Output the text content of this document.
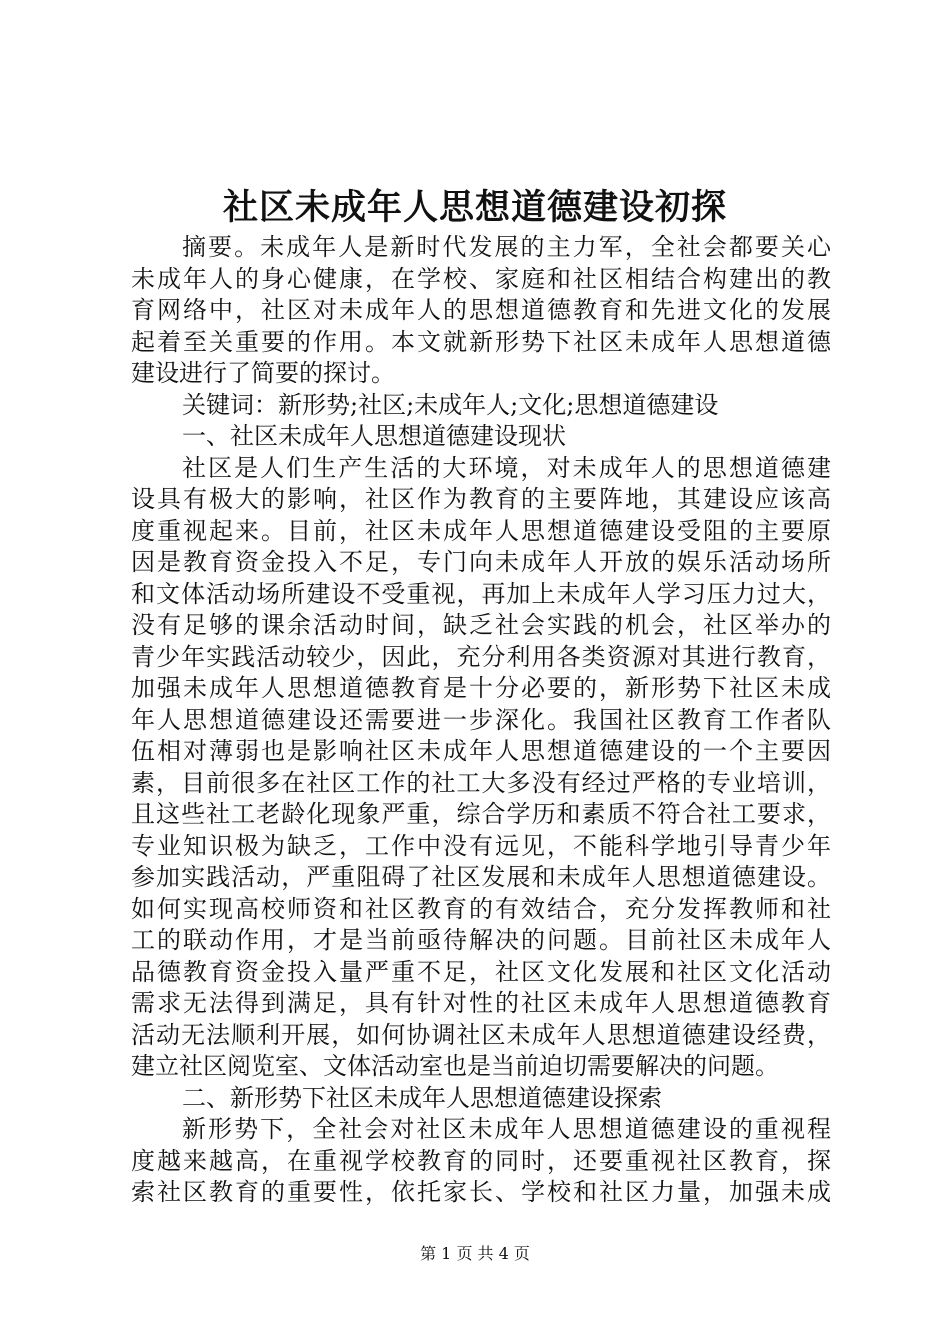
社区未成年人思想道德建设初探
摘要。未成年人是新时代发展的主力军，全社会都要关心
未成年人的身心健康，在学校、家庭和社区相结合构建出的教
育网络中，社区对未成年人的思想道德教育和先进文化的发展
起着至关重要的作用。本文就新形势下社区未成年人思想道德
建设进行了简要的探讨。
关键词：新形势;社区;未成年人;文化;思想道德建设
一、社区未成年人思想道德建设现状
社区是人们生产生活的大环境，对未成年人的思想道德建
设具有极大的影响，社区作为教育的主要阵地，其建设应该高
度重视起来。目前，社区未成年人思想道德建设受阻的主要原
因是教育资金投入不足，专门向未成年人开放的娱乐活动场所
和文体活动场所建设不受重视，再加上未成年人学习压力过大，
没有足够的课余活动时间，缺乏社会实践的机会，社区举办的
青少年实践活动较少，因此，充分利用各类资源对其进行教育，
加强未成年人思想道德教育是十分必要的，新形势下社区未成
年人思想道德建设还需要进一步深化。我国社区教育工作者队
伍相对薄弱也是影响社区未成年人思想道德建设的一个主要因
素，目前很多在社区工作的社工大多没有经过严格的专业培训，
且这些社工老龄化现象严重，综合学历和素质不符合社工要求，
专业知识极为缺乏，工作中没有远见，不能科学地引导青少年
参加实践活动，严重阻碍了社区发展和未成年人思想道德建设。
如何实现高校师资和社区教育的有效结合，充分发挥教师和社
工的联动作用，才是当前亟待解决的问题。目前社区未成年人
品德教育资金投入量严重不足，社区文化发展和社区文化活动
需求无法得到满足，具有针对性的社区未成年人思想道德教育
活动无法顺利开展，如何协调社区未成年人思想道德建设经费，
建立社区阅览室、文体活动室也是当前迫切需要解决的问题。
二、新形势下社区未成年人思想道德建设探索
新形势下，全社会对社区未成年人思想道德建设的重视程
度越来越高，在重视学校教育的同时，还要重视社区教育，探
索社区教育的重要性，依托家长、学校和社区力量，加强未成
第 1 页 共 4 页
